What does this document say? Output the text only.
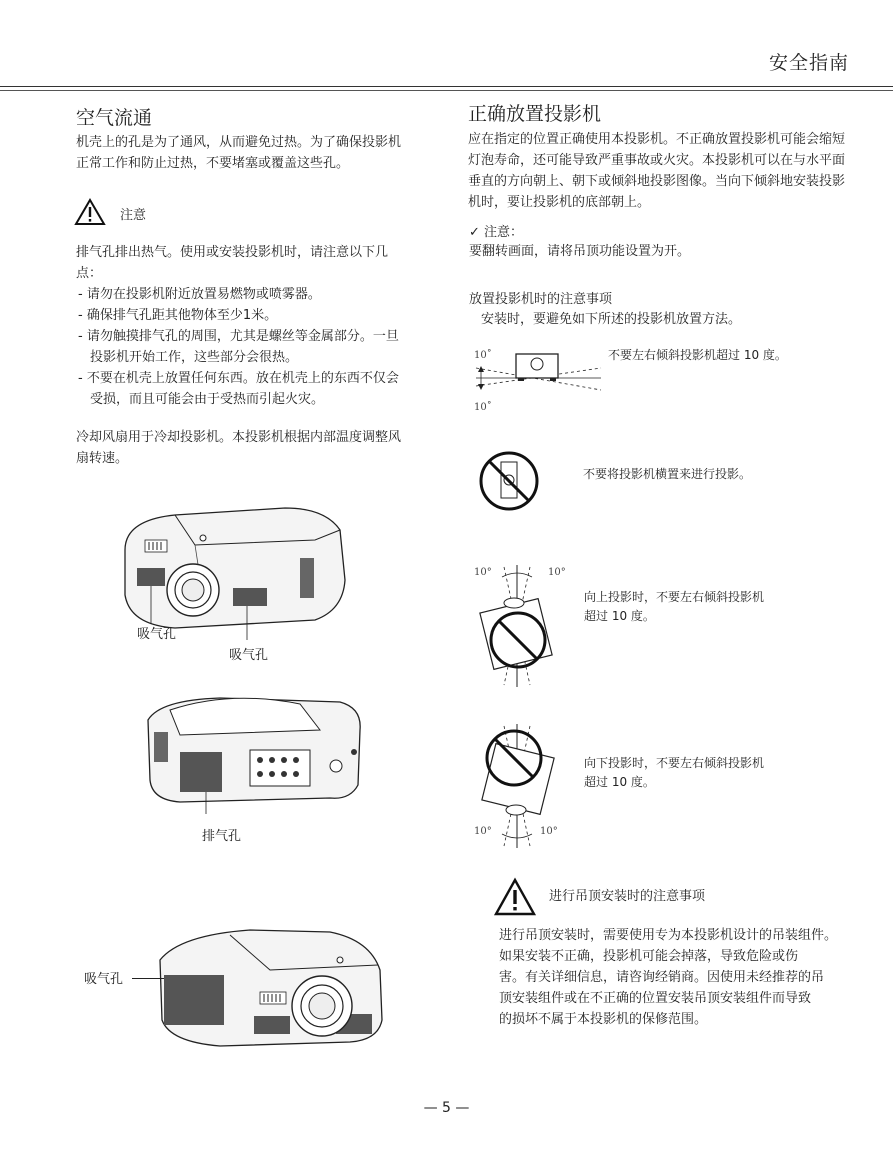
安全指南
空气流通

机壳上的孔是为了通风，从而避免过热。为了确保投影机

正常工作和防止过热，不要堵塞或覆盖这些孔。

注意

排气孔排出热气。使用或安装投影机时，请注意以下几

点：

- 请勿在投影机附近放置易燃物或喷雾器。

- 确保排气孔距其他物体至少1米。

- 请勿触摸排气孔的周围，尤其是螺丝等金属部分。一旦
投影机开始工作，这些部分会很热。

- 不要在机壳上放置任何东西。放在机壳上的东西不仅会
受损，而且可能会由于受热而引起火灾。

冷却风扇用于冷却投影机。本投影机根据内部温度调整风

扇转速。

吸气孔
吸气孔
排气孔
吸气孔
正确放置投影机

应在指定的位置正确使用本投影机。不正确放置投影机可能会缩短

灯泡寿命，还可能导致严重事故或火灾。本投影机可以在与水平面

垂直的方向朝上、朝下或倾斜地投影图像。当向下倾斜地安装投影

机时，要让投影机的底部朝上。

✓ 注意：
要翻转画面，请将吊顶功能设置为开。
放置投影机时的注意事项
安装时，要避免如下所述的投影机放置方法。
10˚
10˚
不要左右倾斜投影机超过 10 度。
不要将投影机横置来进行投影。
10°	10°
向上投影时，不要左右倾斜投影机
超过 10 度。
10°	10°
向下投影时，不要左右倾斜投影机
超过 10 度。
进行吊顶安装时的注意事项

进行吊顶安装时，需要使用专为本投影机设计的吊装组件。

如果安装不正确，投影机可能会掉落，导致危险或伤

害。有关详细信息，请咨询经销商。因使用未经推荐的吊

顶安装组件或在不正确的位置安装吊顶安装组件而导致

的损坏不属于本投影机的保修范围。

— 5 —
